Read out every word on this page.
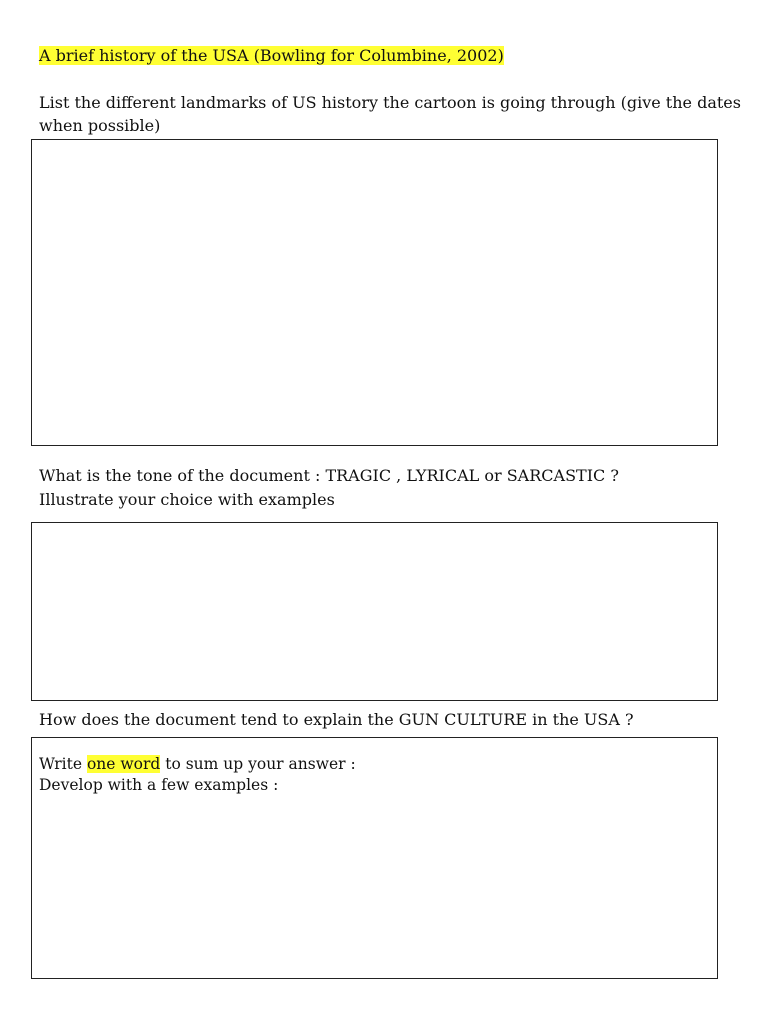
A brief history of the USA (Bowling for Columbine, 2002)
List the different landmarks of US history the cartoon is going through (give the dates
when possible)
What is the tone of the document : TRAGIC , LYRICAL or SARCASTIC ?
Illustrate your choice with examples
How does the document tend to explain the GUN CULTURE in the USA ?
Write one word to sum up your answer :
Develop with a few examples :
